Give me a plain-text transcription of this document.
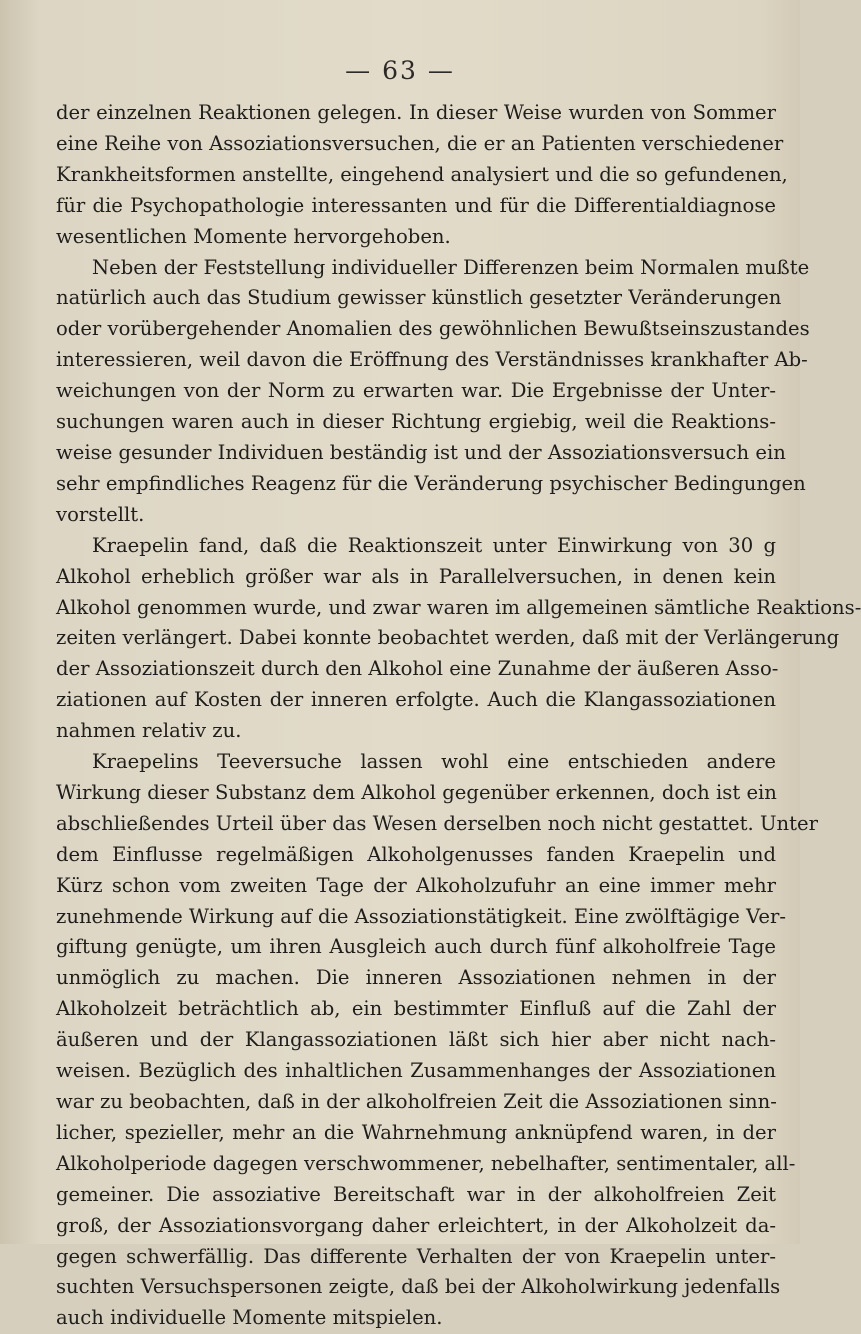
— 63 —
der einzelnen Reaktionen gelegen. In dieser Weise wurden von Sommer
eine Reihe von Assoziationsversuchen, die er an Patienten verschiedener
Krankheitsformen anstellte, eingehend analysiert und die so gefundenen,
für die Psychopathologie interessanten und für die Differentialdiagnose
wesentlichen Momente hervorgehoben.
Neben der Feststellung individueller Differenzen beim Normalen mußte
natürlich auch das Studium gewisser künstlich gesetzter Veränderungen
oder vorübergehender Anomalien des gewöhnlichen Bewußtseinszustandes
interessieren, weil davon die Eröffnung des Verständnisses krankhafter Ab-
weichungen von der Norm zu erwarten war. Die Ergebnisse der Unter-
suchungen waren auch in dieser Richtung ergiebig, weil die Reaktions-
weise gesunder Individuen beständig ist und der Assoziationsversuch ein
sehr empfindliches Reagenz für die Veränderung psychischer Bedingungen
vorstellt.
Kraepelin fand, daß die Reaktionszeit unter Einwirkung von 30 g
Alkohol erheblich größer war als in Parallelversuchen, in denen kein
Alkohol genommen wurde, und zwar waren im allgemeinen sämtliche Reaktions-
zeiten verlängert. Dabei konnte beobachtet werden, daß mit der Verlängerung
der Assoziationszeit durch den Alkohol eine Zunahme der äußeren Asso-
ziationen auf Kosten der inneren erfolgte. Auch die Klangassoziationen
nahmen relativ zu.
Kraepelins Teeversuche lassen wohl eine entschieden andere
Wirkung dieser Substanz dem Alkohol gegenüber erkennen, doch ist ein
abschließendes Urteil über das Wesen derselben noch nicht gestattet. Unter
dem Einflusse regelmäßigen Alkoholgenusses fanden Kraepelin und
Kürz schon vom zweiten Tage der Alkoholzufuhr an eine immer mehr
zunehmende Wirkung auf die Assoziationstätigkeit. Eine zwölftägige Ver-
giftung genügte, um ihren Ausgleich auch durch fünf alkoholfreie Tage
unmöglich zu machen. Die inneren Assoziationen nehmen in der
Alkoholzeit beträchtlich ab, ein bestimmter Einfluß auf die Zahl der
äußeren und der Klangassoziationen läßt sich hier aber nicht nach-
weisen. Bezüglich des inhaltlichen Zusammenhanges der Assoziationen
war zu beobachten, daß in der alkoholfreien Zeit die Assoziationen sinn-
licher, spezieller, mehr an die Wahrnehmung anknüpfend waren, in der
Alkoholperiode dagegen verschwommener, nebelhafter, sentimentaler, all-
gemeiner. Die assoziative Bereitschaft war in der alkoholfreien Zeit
groß, der Assoziationsvorgang daher erleichtert, in der Alkoholzeit da-
gegen schwerfällig. Das differente Verhalten der von Kraepelin unter-
suchten Versuchspersonen zeigte, daß bei der Alkoholwirkung jedenfalls
auch individuelle Momente mitspielen.
